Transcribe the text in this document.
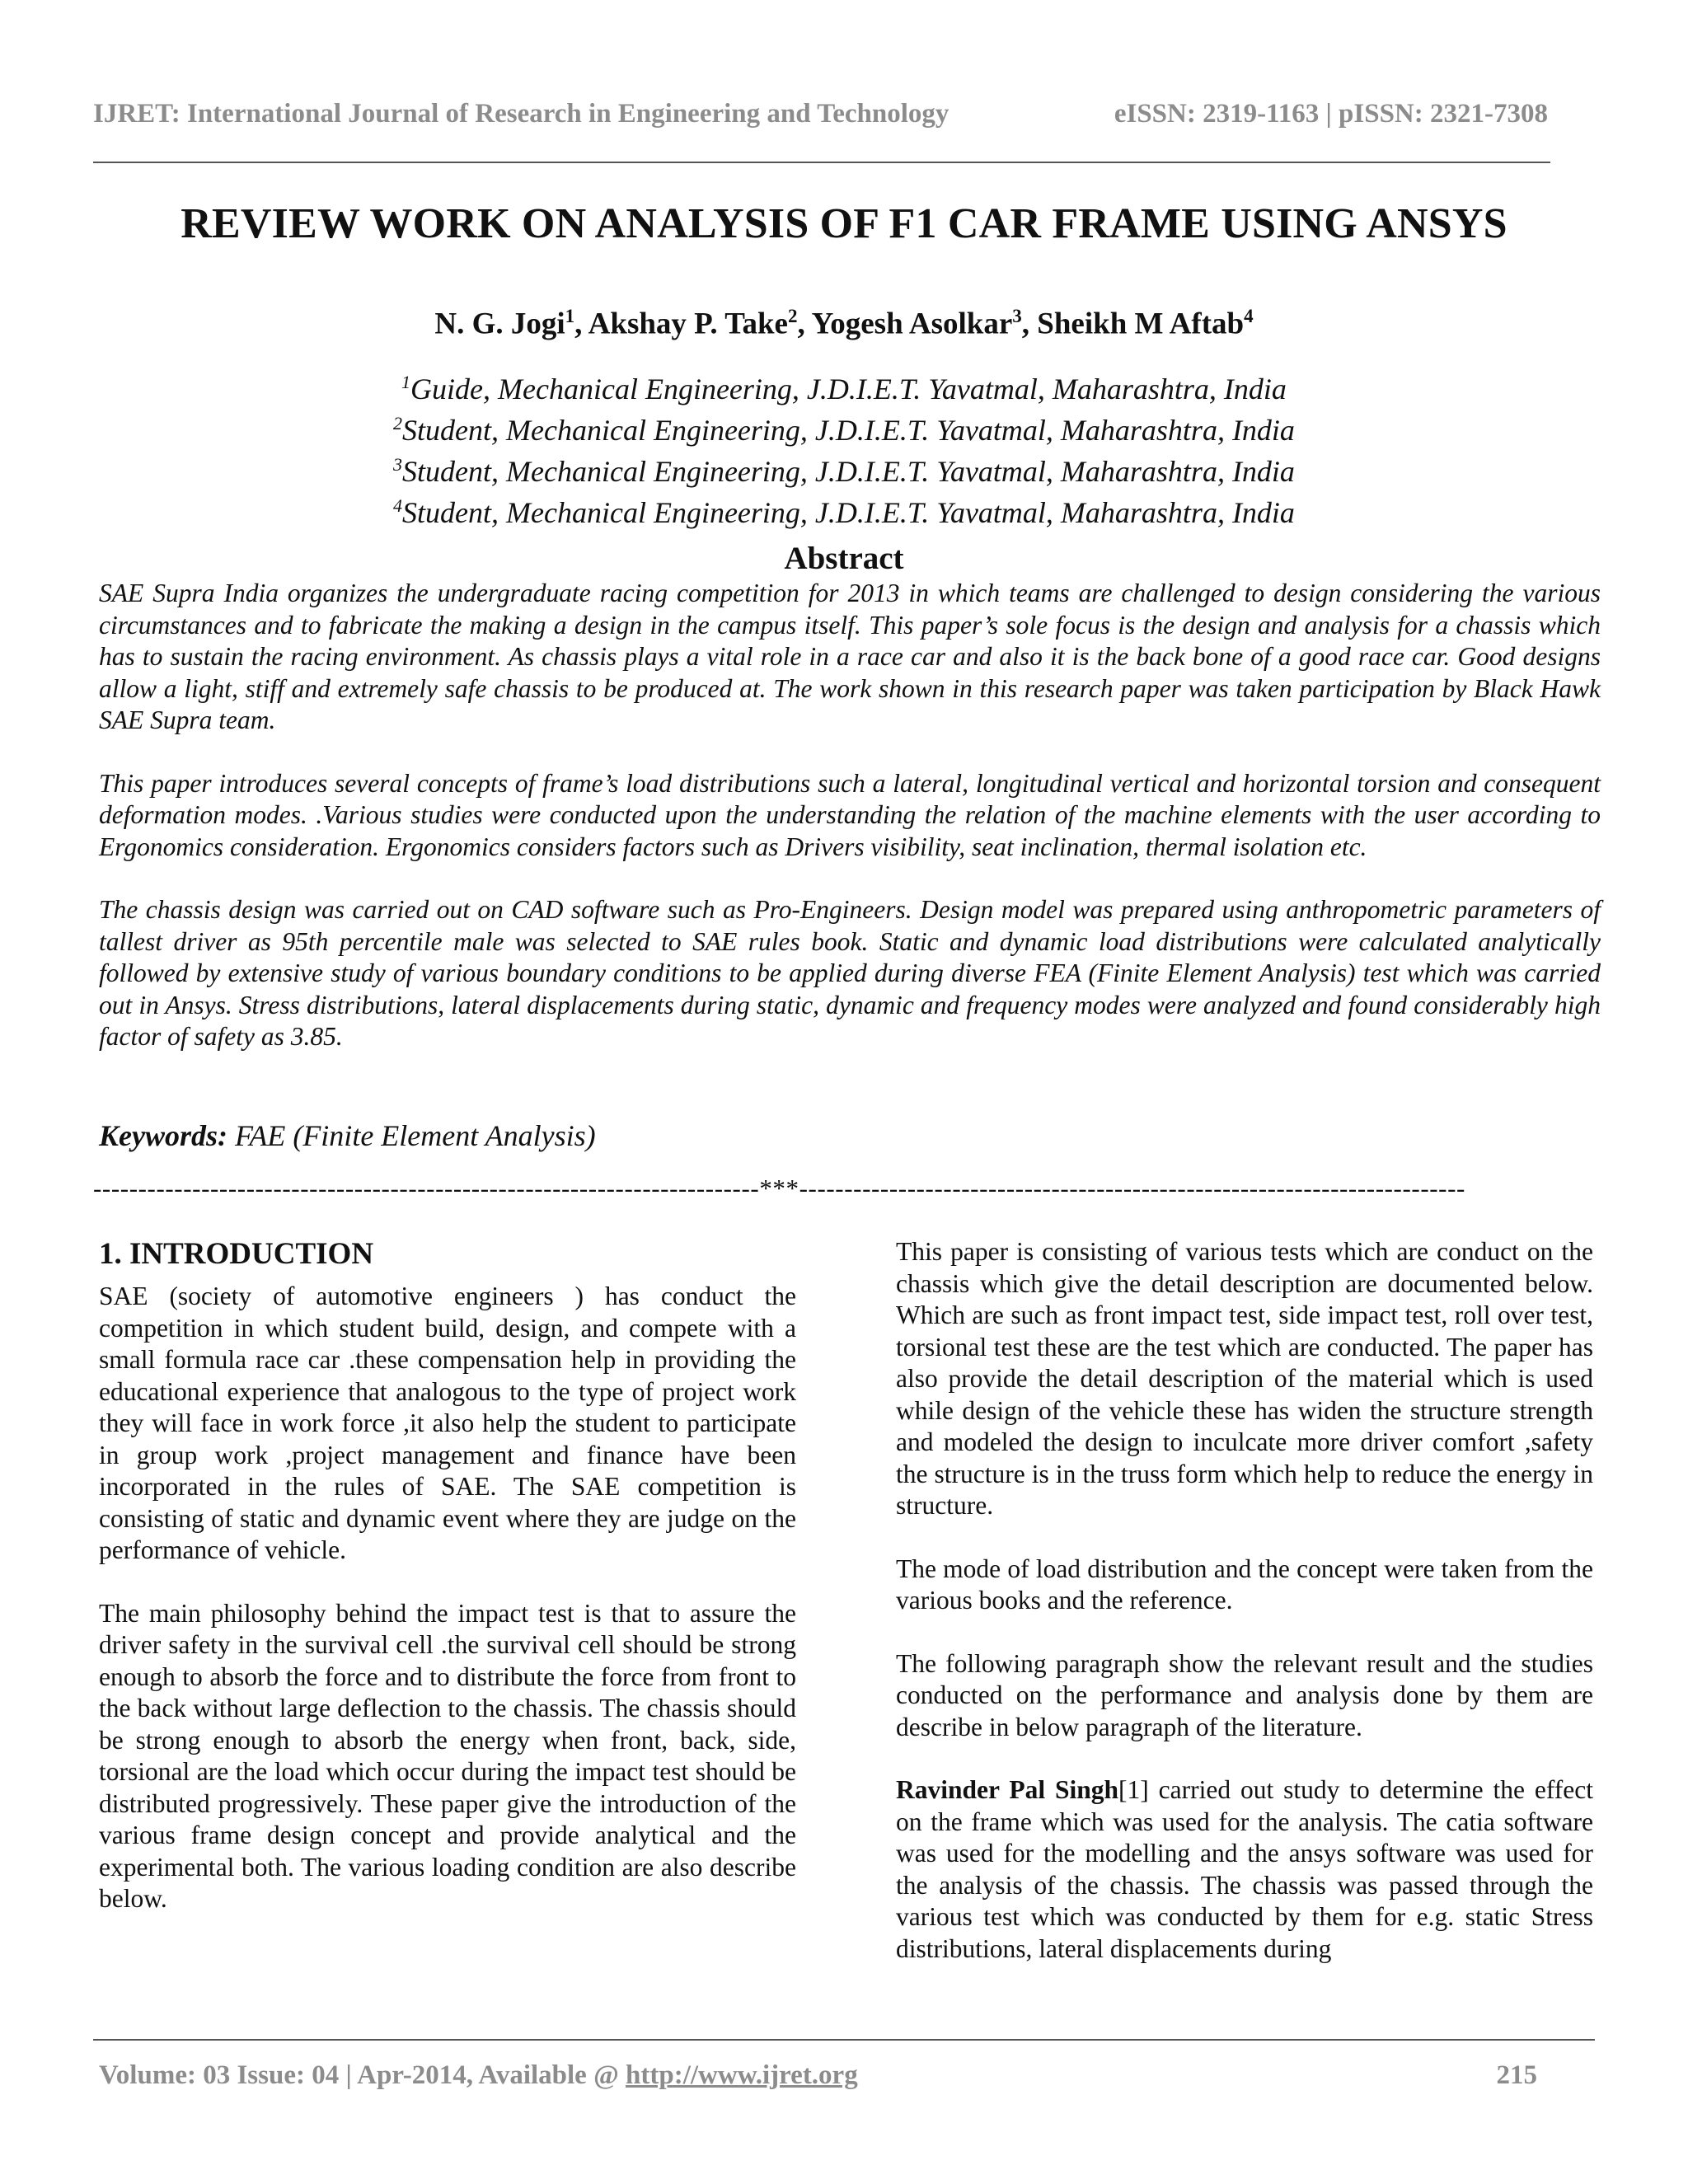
IJRET: International Journal of Research in Engineering and Technology	eISSN: 2319-1163 | pISSN: 2321-7308
REVIEW WORK ON ANALYSIS OF F1 CAR FRAME USING ANSYS
N. G. Jogi$^1$, Akshay P. Take$^2$, Yogesh Asolkar$^3$, Sheikh M Aftab$^4$
$^1$Guide, Mechanical Engineering, J.D.I.E.T. Yavatmal, Maharashtra, India
$^2$Student, Mechanical Engineering, J.D.I.E.T. Yavatmal, Maharashtra, India
$^3$Student, Mechanical Engineering, J.D.I.E.T. Yavatmal, Maharashtra, India
$^4$Student, Mechanical Engineering, J.D.I.E.T. Yavatmal, Maharashtra, India
Abstract

SAE Supra India organizes the undergraduate racing competition for 2013 in which teams are challenged to design considering the various circumstances and to fabricate the making a design in the campus itself. This paper’s sole focus is the design and analysis for a chassis which has to sustain the racing environment. As chassis plays a vital role in a race car and also it is the back bone of a good race car. Good designs allow a light, stiff and extremely safe chassis to be produced at. The work shown in this research paper was taken participation by Black Hawk SAE Supra team.

This paper introduces several concepts of frame’s load distributions such a lateral, longitudinal vertical and horizontal torsion and consequent deformation modes. .Various studies were conducted upon the understanding the relation of the machine elements with the user according to Ergonomics consideration. Ergonomics considers factors such as Drivers visibility, seat inclination, thermal isolation etc.

The chassis design was carried out on CAD software such as Pro-Engineers. Design model was prepared using anthropometric parameters of tallest driver as 95th percentile male was selected to SAE rules book. Static and dynamic load distributions were calculated analytically followed by extensive study of various boundary conditions to be applied during diverse FEA (Finite Element Analysis) test which was carried out in Ansys. Stress distributions, lateral displacements during static, dynamic and frequency modes were analyzed and found considerably high factor of safety as 3.85.

Keywords: FAE (Finite Element Analysis)
--------------------------------------------------------------------------***--------------------------------------------------------------------------
1. INTRODUCTION

SAE (society of automotive engineers ) has conduct the competition in which student build, design, and compete with a small formula race car .these compensation help in providing the educational experience that analogous to the type of project work they will face in work force ,it also help the student to participate in group work ,project management and finance have been incorporated in the rules of SAE. The SAE competition is consisting of static and dynamic event where they are judge on the performance of vehicle.

The main philosophy behind the impact test is that to assure the driver safety in the survival cell .the survival cell should be strong enough to absorb the force and to distribute the force from front to the back without large deflection to the chassis. The chassis should be strong enough to absorb the energy when front, back, side, torsional are the load which occur during the impact test should be distributed progressively. These paper give the introduction of the various frame design concept and provide analytical and the experimental both. The various loading condition are also describe below.

This paper is consisting of various tests which are conduct on the chassis which give the detail description are documented below. Which are such as front impact test, side impact test, roll over test, torsional test these are the test which are conducted. The paper has also provide the detail description of the material which is used while design of the vehicle these has widen the structure strength and modeled the design to inculcate more driver comfort ,safety the structure is in the truss form which help to reduce the energy in structure.

The mode of load distribution and the concept were taken from the various books and the reference.

The following paragraph show the relevant result and the studies conducted on the performance and analysis done by them are describe in below paragraph of the literature.

Ravinder Pal Singh[1] carried out study to determine the effect on the frame which was used for the analysis. The catia software was used for the modelling and the ansys software was used for the analysis of the chassis. The chassis was passed through the various test which was conducted by them for e.g. static Stress distributions, lateral displacements during

Volume: 03 Issue: 04 | Apr-2014, Available @ http://www.ijret.org	215
